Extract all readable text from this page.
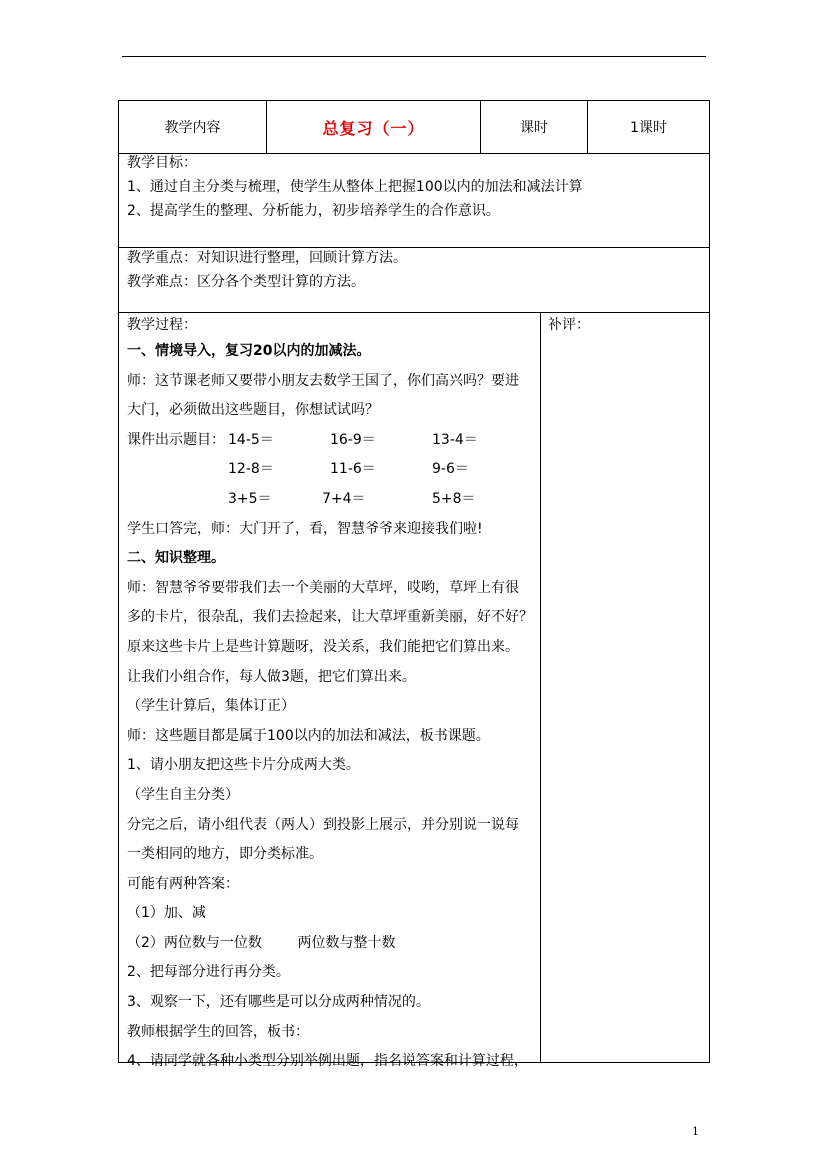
教学内容	总复习（一）	课时	1课时
教学目标：
1、通过自主分类与梳理，使学生从整体上把握100以内的加法和减法计算
2、提高学生的整理、分析能力，初步培养学生的合作意识。
教学重点：对知识进行整理，回顾计算方法。
教学难点：区分各个类型计算的方法。
教学过程：
一、情境导入，复习20以内的加减法。
师：这节课老师又要带小朋友去数学王国了，你们高兴吗？要进
大门，必须做出这些题目，你想试试吗？
课件出示题目： 14-5＝	16-9＝	13-4＝
12-8＝	11-6＝	9-6＝
3+5＝	7+4＝	5+8＝
学生口答完，师：大门开了，看，智慧爷爷来迎接我们啦!
二、知识整理。
师：智慧爷爷要带我们去一个美丽的大草坪，哎哟，草坪上有很
多的卡片，很杂乱，我们去捡起来，让大草坪重新美丽，好不好？
原来这些卡片上是些计算题呀，没关系，我们能把它们算出来。
让我们小组合作，每人做3题，把它们算出来。
（学生计算后，集体订正）
师：这些题目都是属于100以内的加法和减法，板书课题。
1、请小朋友把这些卡片分成两大类。
（学生自主分类）
分完之后，请小组代表（两人）到投影上展示，并分别说一说每
一类相同的地方，即分类标准。
可能有两种答案：
（1）加、减
（2）两位数与一位数        两位数与整十数
2、把每部分进行再分类。
3、观察一下，还有哪些是可以分成两种情况的。
教师根据学生的回答，板书：
4、请同学就各种小类型分别举例出题，指名说答案和计算过程，
补评：
1
